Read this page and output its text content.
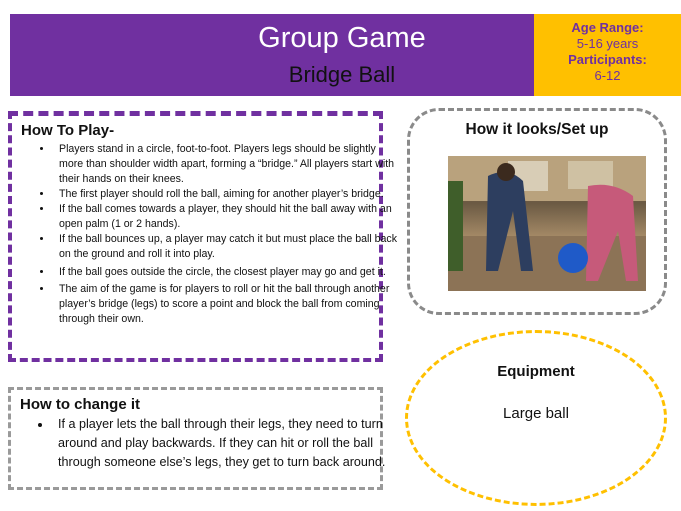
Group Game
Bridge Ball
Age Range:
5-16 years
Participants:
6-12
How To Play-
• Players stand in a circle, foot-to-foot. Players legs should be slightly more than shoulder width apart, forming a “bridge.” All players start with their hands on their knees.
• The first player should roll the ball, aiming for another player’s bridge.
• If the ball comes towards a player, they should hit the ball away with an open palm (1 or 2 hands).
• If the ball bounces up, a player may catch it but must place the ball back on the ground and roll it into play.
• If the ball goes outside the circle, the closest player may go and get it.
• The aim of the game is for players to roll or hit the ball through another player’s bridge (legs) to score a point and block the ball from coming through their own.
How to change it
• If a player lets the ball through their legs, they need to turn around and play backwards. If they can hit or roll the ball through someone else’s legs, they get to turn back around.
How it looks/Set up
Equipment
Large ball
